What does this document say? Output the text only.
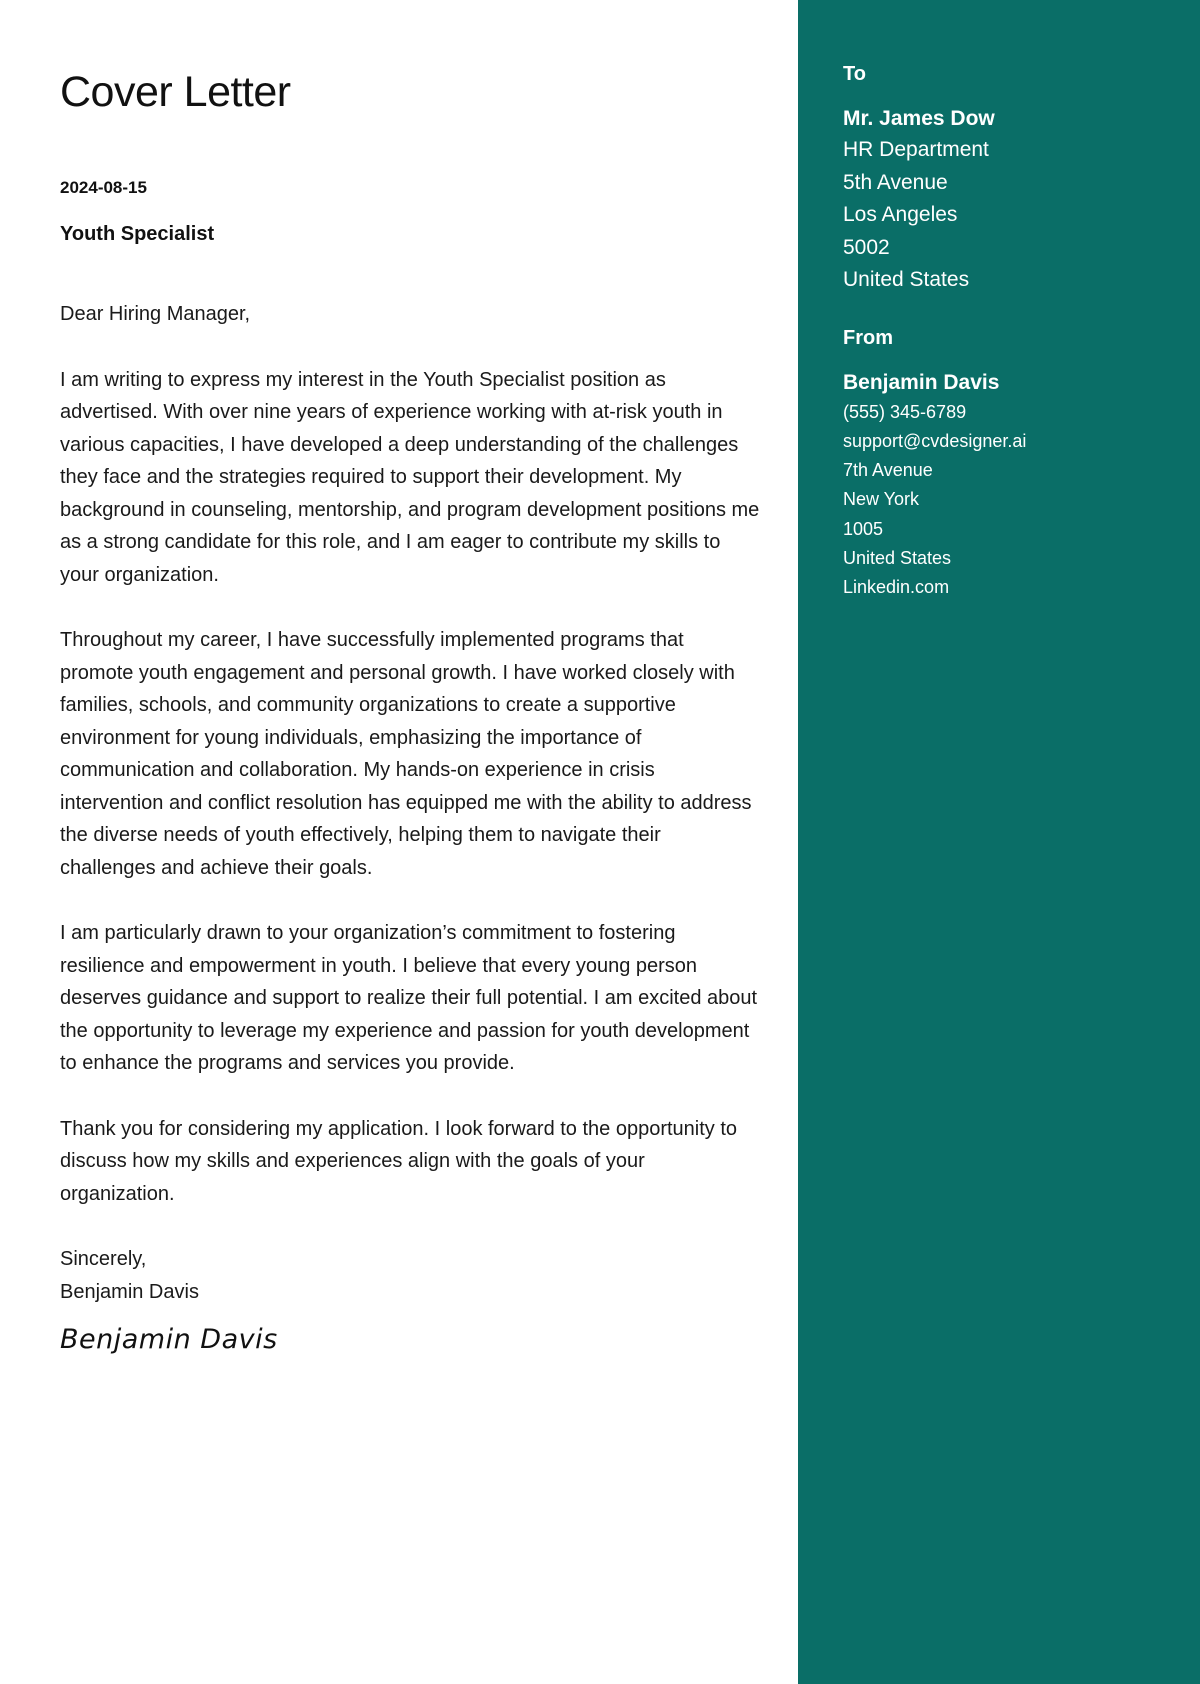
Cover Letter
2024-08-15
Youth Specialist

Dear Hiring Manager,

I am writing to express my interest in the Youth Specialist position as advertised. With over nine years of experience working with at-risk youth in various capacities, I have developed a deep understanding of the challenges they face and the strategies required to support their development. My background in counseling, mentorship, and program development positions me as a strong candidate for this role, and I am eager to contribute my skills to your organization.

Throughout my career, I have successfully implemented programs that promote youth engagement and personal growth. I have worked closely with families, schools, and community organizations to create a supportive environment for young individuals, emphasizing the importance of communication and collaboration. My hands-on experience in crisis intervention and conflict resolution has equipped me with the ability to address the diverse needs of youth effectively, helping them to navigate their challenges and achieve their goals.

I am particularly drawn to your organization’s commitment to fostering resilience and empowerment in youth. I believe that every young person deserves guidance and support to realize their full potential. I am excited about the opportunity to leverage my experience and passion for youth development to enhance the programs and services you provide.

Thank you for considering my application. I look forward to the opportunity to discuss how my skills and experiences align with the goals of your organization.

Sincerely,
Benjamin Davis
Benjamin Davis
To
Mr. James Dow
HR Department
5th Avenue
Los Angeles
5002
United States
From
Benjamin Davis
(555) 345-6789
support@cvdesigner.ai
7th Avenue
New York
1005
United States
Linkedin.com
